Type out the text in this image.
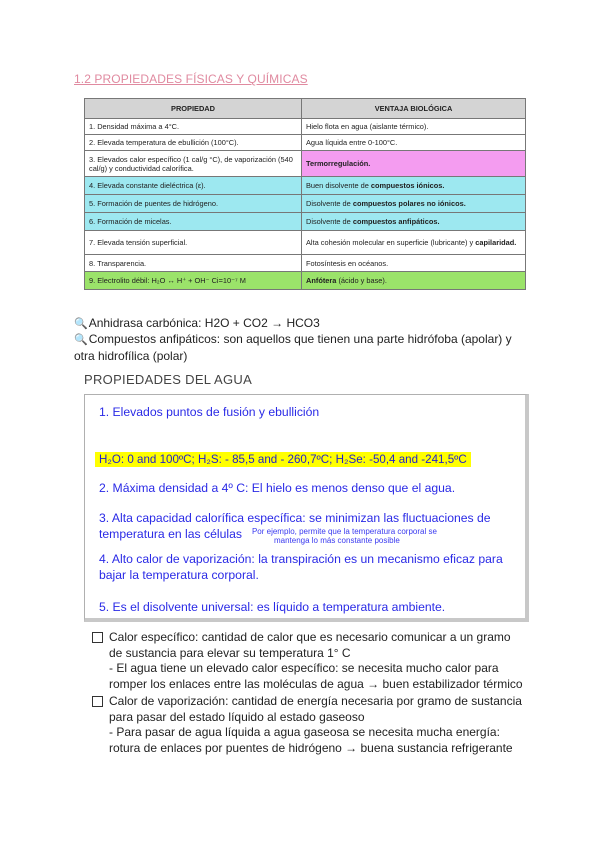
1.2 PROPIEDADES FÍSICAS Y QUÍMICAS
PROPIEDAD	VENTAJA BIOLÓGICA
1. Densidad máxima a 4°C.	Hielo flota en agua (aislante térmico).
2. Elevada temperatura de ebullición (100°C).	Agua líquida entre 0-100°C.
3. Elevados calor específico (1 cal/g °C), de vaporización (540 cal/g) y conductividad calorífica.	Termorregulación.
4. Elevada constante dieléctrica (ε).	Buen disolvente de compuestos iónicos.
5. Formación de puentes de hidrógeno.	Disolvente de compuestos polares no iónicos.
6. Formación de micelas.	Disolvente de compuestos anfipáticos.
7. Elevada tensión superficial.	Alta cohesión molecular en superficie (lubricante) y capilaridad.
8. Transparencia.	Fotosíntesis en océanos.
9. Electrolito débil: H₂O ↔ H⁺ + OH⁻ Ci=10⁻⁷ M	Anfótera (ácido y base).
🔍Anhidrasa carbónica: H2O + CO2 → HCO3
🔍Compuestos anfipáticos: son aquellos que tienen una parte hidrófoba (apolar) y otra hidrofílica (polar)
PROPIEDADES DEL AGUA
1. Elevados puntos de fusión y ebullición
H₂O: 0 and 100ºC; H₂S: - 85,5 and - 260,7ºC; H₂Se: -50,4 and -241,5ºC
2. Máxima densidad a 4º C: El hielo es menos denso que el agua.
3. Alta capacidad calorífica específica: se minimizan las fluctuaciones de
temperatura en las células Por ejemplo, permite que la temperatura corporal se
mantenga lo más constante posible
4. Alto calor de vaporización: la transpiración es un mecanismo eficaz para
bajar la temperatura corporal.
5. Es el disolvente universal: es líquido a temperatura ambiente.
Calor específico: cantidad de calor que es necesario comunicar a un gramo
de sustancia para elevar su temperatura 1° C
- El agua tiene un elevado calor específico: se necesita mucho calor para
romper los enlaces entre las moléculas de agua → buen estabilizador térmico
Calor de vaporización: cantidad de energía necesaria por gramo de sustancia
para pasar del estado líquido al estado gaseoso
- Para pasar de agua líquida a agua gaseosa se necesita mucha energía:
rotura de enlaces por puentes de hidrógeno → buena sustancia refrigerante
